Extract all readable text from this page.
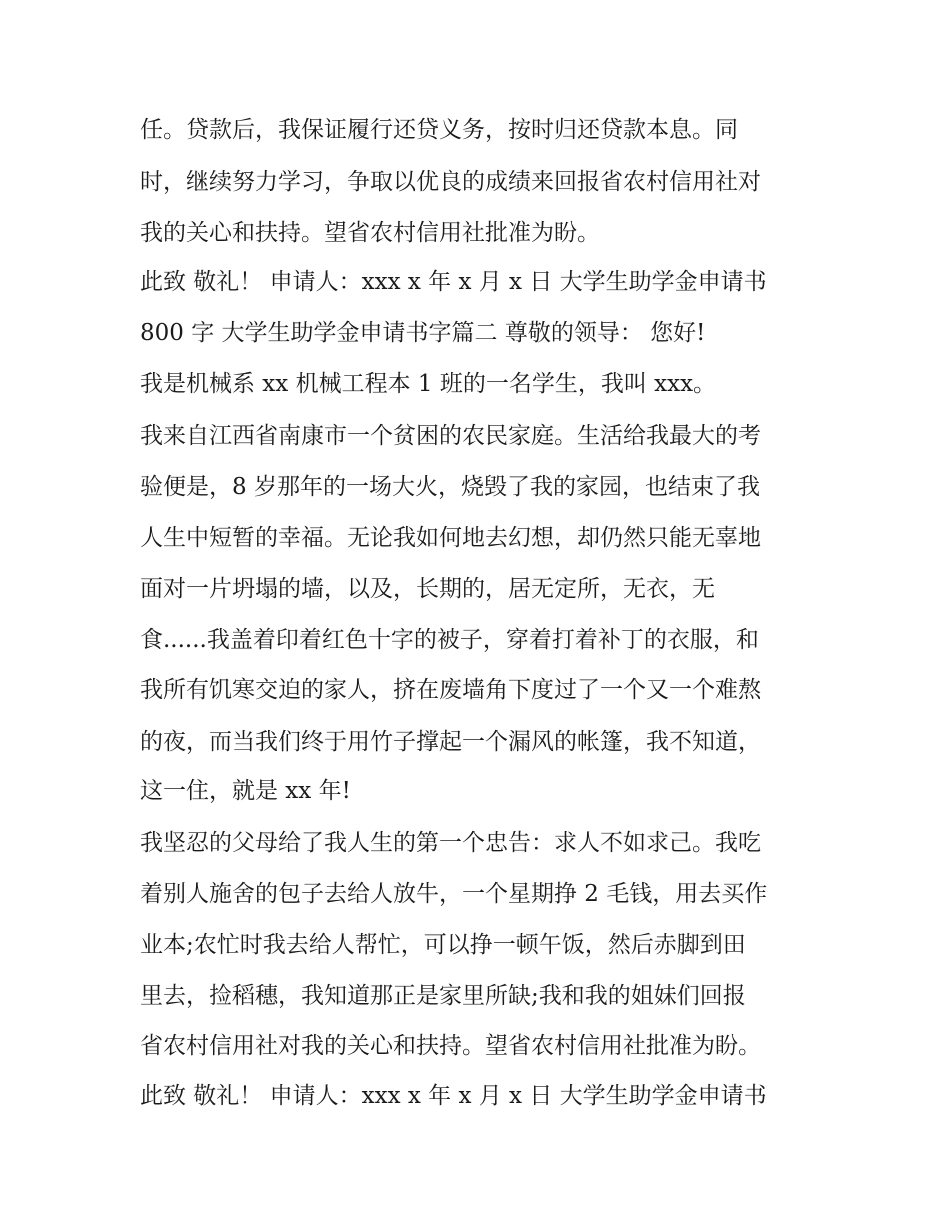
任。贷款后，我保证履行还贷义务，按时归还贷款本息。同
时，继续努力学习，争取以优良的成绩来回报省农村信用社对
我的关心和扶持。望省农村信用社批准为盼。
此致 敬礼！ 申请人：xxx x 年 x 月 x 日 大学生助学金申请书
800 字 大学生助学金申请书字篇二 尊敬的领导： 您好!
我是机械系 xx 机械工程本 1 班的一名学生，我叫 xxx。
我来自江西省南康市一个贫困的农民家庭。生活给我最大的考
验便是，8 岁那年的一场大火，烧毁了我的家园，也结束了我
人生中短暂的幸福。无论我如何地去幻想，却仍然只能无辜地
面对一片坍塌的墙，以及，长期的，居无定所，无衣，无
食......我盖着印着红色十字的被子，穿着打着补丁的衣服，和
我所有饥寒交迫的家人，挤在废墙角下度过了一个又一个难熬
的夜，而当我们终于用竹子撑起一个漏风的帐篷，我不知道，
这一住，就是 xx 年!
我坚忍的父母给了我人生的第一个忠告：求人不如求己。我吃
着别人施舍的包子去给人放牛，一个星期挣 2 毛钱，用去买作
业本;农忙时我去给人帮忙，可以挣一顿午饭，然后赤脚到田
里去，捡稻穗，我知道那正是家里所缺;我和我的姐妹们回报
省农村信用社对我的关心和扶持。望省农村信用社批准为盼。
此致 敬礼！ 申请人：xxx x 年 x 月 x 日 大学生助学金申请书
